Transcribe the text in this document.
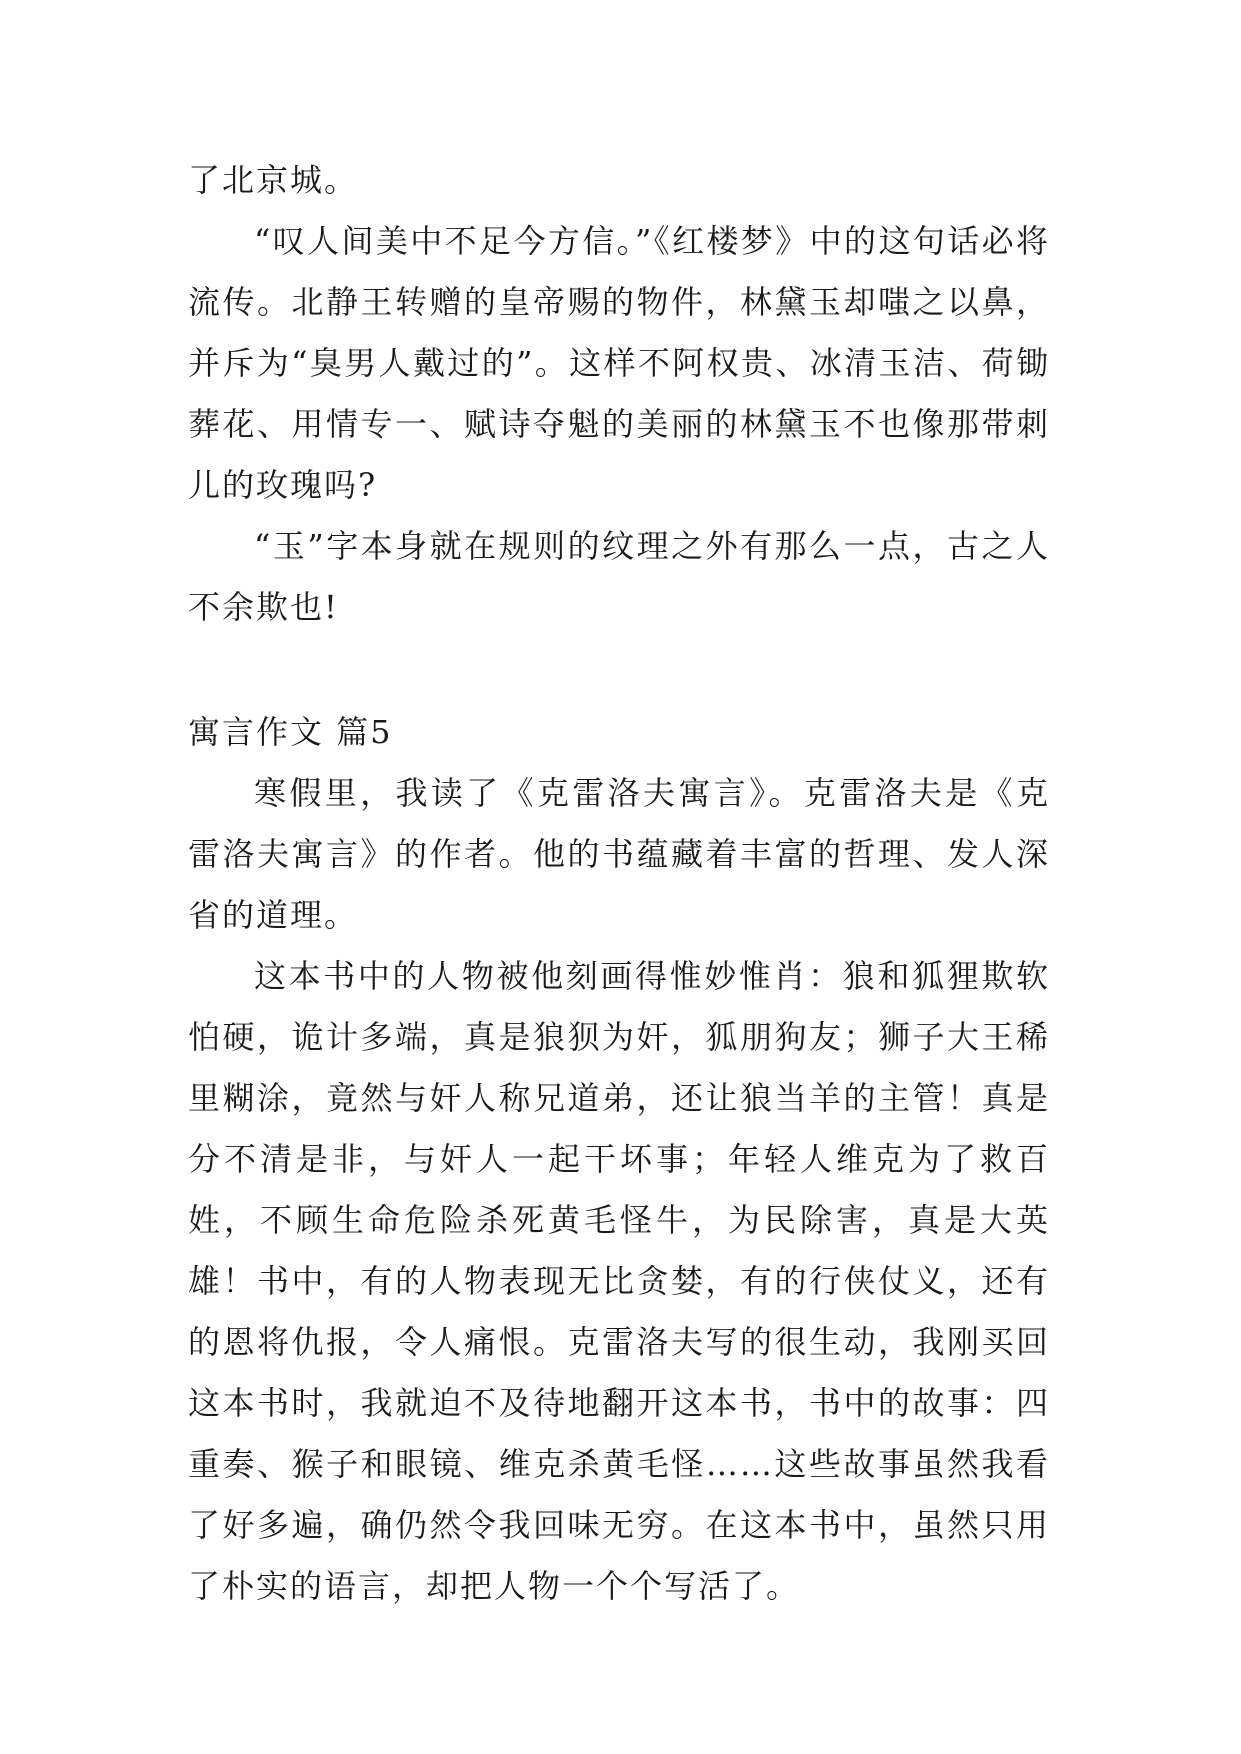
了北京城。

“叹人间美中不足今方信。”《红楼梦》中的这句话必将流传。北静王转赠的皇帝赐的物件，林黛玉却嗤之以鼻，并斥为“臭男人戴过的”。这样不阿权贵、冰清玉洁、荷锄葬花、用情专一、赋诗夺魁的美丽的林黛玉不也像那带刺儿的玫瑰吗?

“玉”字本身就在规则的纹理之外有那么一点，古之人不余欺也!

寓言作文 篇5

寒假里，我读了《克雷洛夫寓言》。克雷洛夫是《克雷洛夫寓言》的作者。他的书蕴藏着丰富的哲理、发人深省的道理。

这本书中的人物被他刻画得惟妙惟肖：狼和狐狸欺软怕硬，诡计多端，真是狼狈为奸，狐朋狗友；狮子大王稀里糊涂，竟然与奸人称兄道弟，还让狼当羊的主管！真是分不清是非，与奸人一起干坏事；年轻人维克为了救百姓，不顾生命危险杀死黄毛怪牛，为民除害，真是大英雄！书中，有的人物表现无比贪婪，有的行侠仗义，还有的恩将仇报，令人痛恨。克雷洛夫写的很生动，我刚买回这本书时，我就迫不及待地翻开这本书，书中的故事：四重奏、猴子和眼镜、维克杀黄毛怪……这些故事虽然我看了好多遍，确仍然令我回味无穷。在这本书中，虽然只用了朴实的语言，却把人物一个个写活了。
